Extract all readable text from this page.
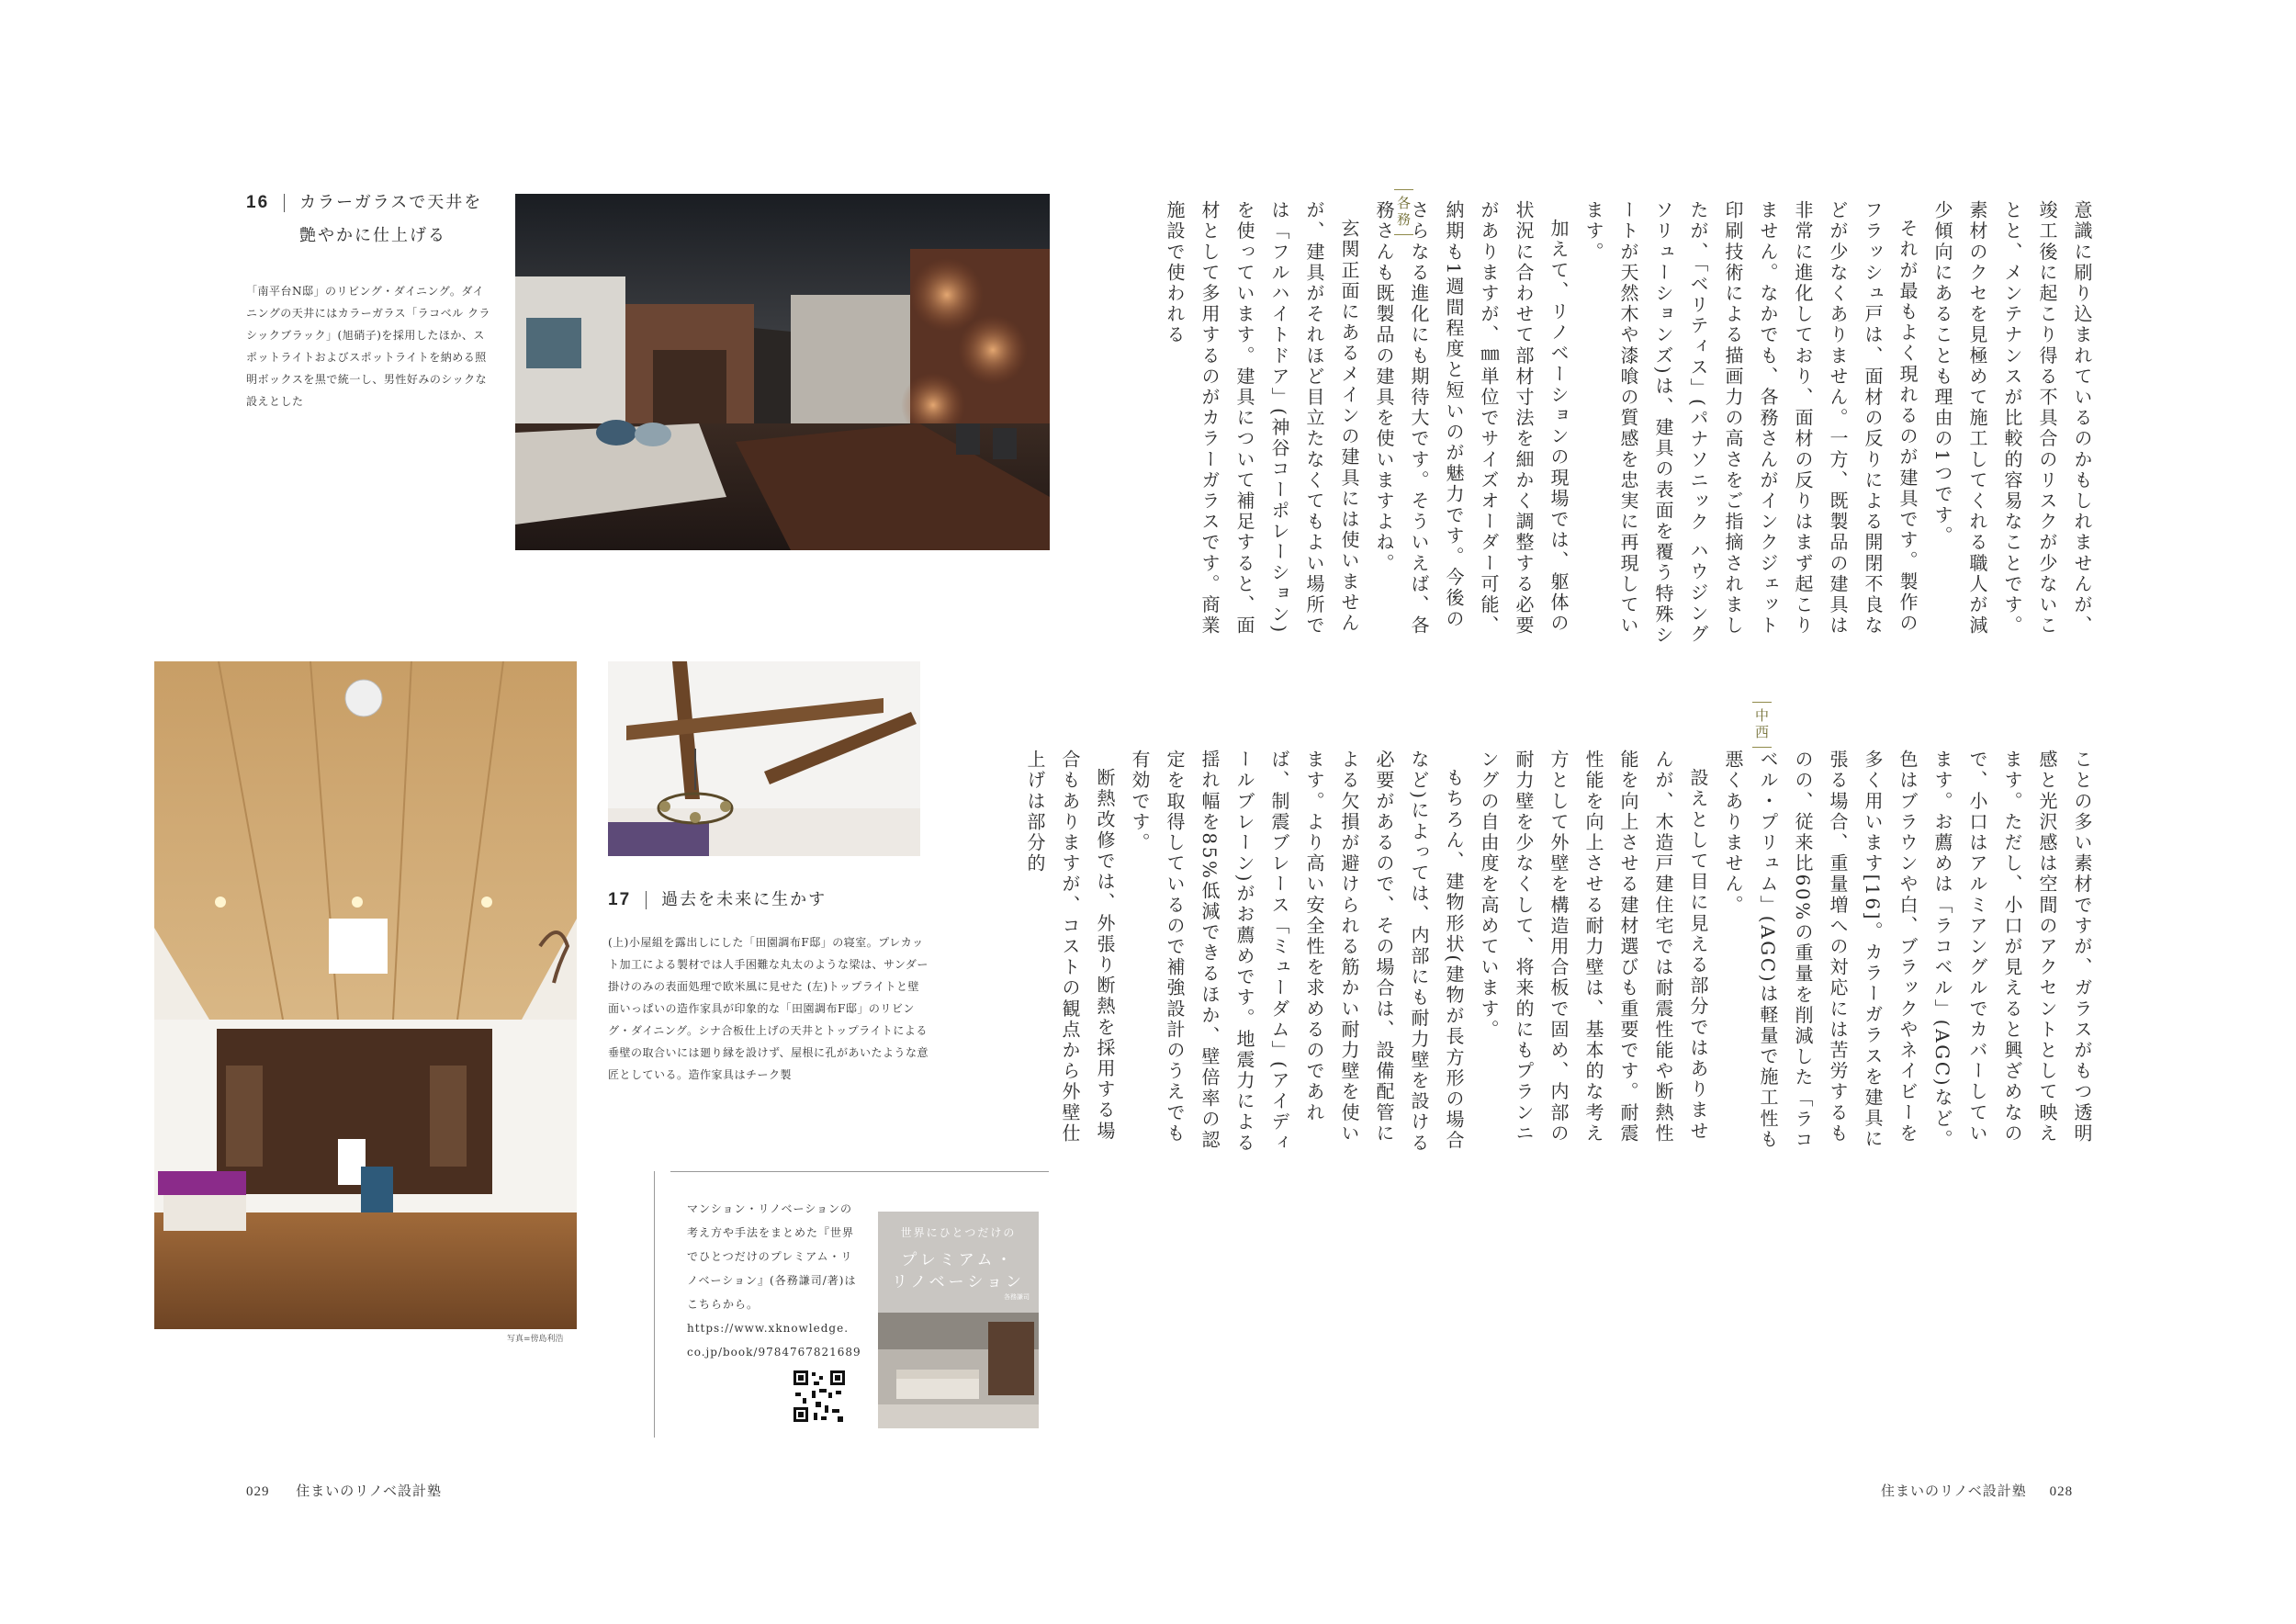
16 カラーガラスで天井を
艶やかに仕上げる
「南平台N邸」のリビング・ダイニング。ダイニングの天井にはカラーガラス「ラコベル クラシックブラック」(旭硝子)を採用したほか、スポットライトおよびスポットライトを納める照明ボックスを黒で統一し、男性好みのシックな設えとした
17 過去を未来に生かす
(上)小屋組を露出しにした「田園調布F邸」の寝室。プレカット加工による製材では人手困難な丸太のような梁は、サンダー掛けのみの表面処理で欧米風に見せた (左)トップライトと壁面いっぱいの造作家具が印象的な「田園調布F邸」のリビング・ダイニング。シナ合板仕上げの天井とトップライトによる垂壁の取合いには廻り縁を設けず、屋根に孔があいたような意匠としている。造作家具はチーク製
写真=傍島利浩
マンション・リノベーションの考え方や手法をまとめた『世界でひとつだけのプレミアム・リノベーション』(各務謙司/著)はこちらから。
https://www.xknowledge.
co.jp/book/9784767821689
世界にひとつだけの
プレミアム・
リノベーション
各務謙司
029 住まいのリノベ設計塾

意識に刷り込まれているのかもしれませんが、竣工後に起こり得る不具合のリスクが少ないことと、メンテナンスが比較的容易なことです。素材のクセを見極めて施工してくれる職人が減少傾向にあることも理由の1つです。

それが最もよく現れるのが建具です。製作のフラッシュ戸は、面材の反りによる開閉不良などが少なくありません。一方、既製品の建具は非常に進化しており、面材の反りはまず起こりません。なかでも、各務さんがインクジェット印刷技術による描画力の高さをご指摘されましたが、「ベリティス」(パナソニック ハウジングソリューションズ)は、建具の表面を覆う特殊シートが天然木や漆喰の質感を忠実に再現しています。

加えて、リノベーションの現場では、躯体の状況に合わせて部材寸法を細かく調整する必要がありますが、㎜単位でサイズオーダー可能、納期も1週間程度と短いのが魅力です。今後のさらなる進化にも期待大です。そういえば、各務さんも既製品の建具を使いますよね。

玄関正面にあるメインの建具には使いませんが、建具がそれほど目立たなくてもよい場所では「フルハイトドア」(神谷コーポレーション)を使っています。建具について補足すると、面材として多用するのがカラーガラスです。商業施設で使われる	各務

ことの多い素材ですが、ガラスがもつ透明感と光沢感は空間のアクセントとして映えます。ただし、小口が見えると興ざめなので、小口はアルミアングルでカバーしています。お薦めは「ラコベル」(AGC)など。色はブラウンや白、ブラックやネイビーを多く用います[16]。カラーガラスを建具に張る場合、重量増への対応には苦労するものの、従来比60%の重量を削減した「ラコベル・プリュム」(AGC)は軽量で施工性も悪くありません。

設えとして目に見える部分ではありませんが、木造戸建住宅では耐震性能や断熱性能を向上させる建材選びも重要です。耐震性能を向上させる耐力壁は、基本的な考え方として外壁を構造用合板で固め、内部の耐力壁を少なくして、将来的にもプランニングの自由度を高めています。

もちろん、建物形状(建物が長方形の場合など)によっては、内部にも耐力壁を設ける必要があるので、その場合は、設備配管による欠損が避けられる筋かい耐力壁を使います。より高い安全性を求めるのであれば、制震ブレース「ミューダム」(アイディールブレーン)がお薦めです。地震力による揺れ幅を85%低減できるほか、壁倍率の認定を取得しているので補強設計のうえでも有効です。

断熱改修では、外張り断熱を採用する場合もありますが、コストの観点から外壁仕上げは部分的

中西
住まいのリノベ設計塾 028
